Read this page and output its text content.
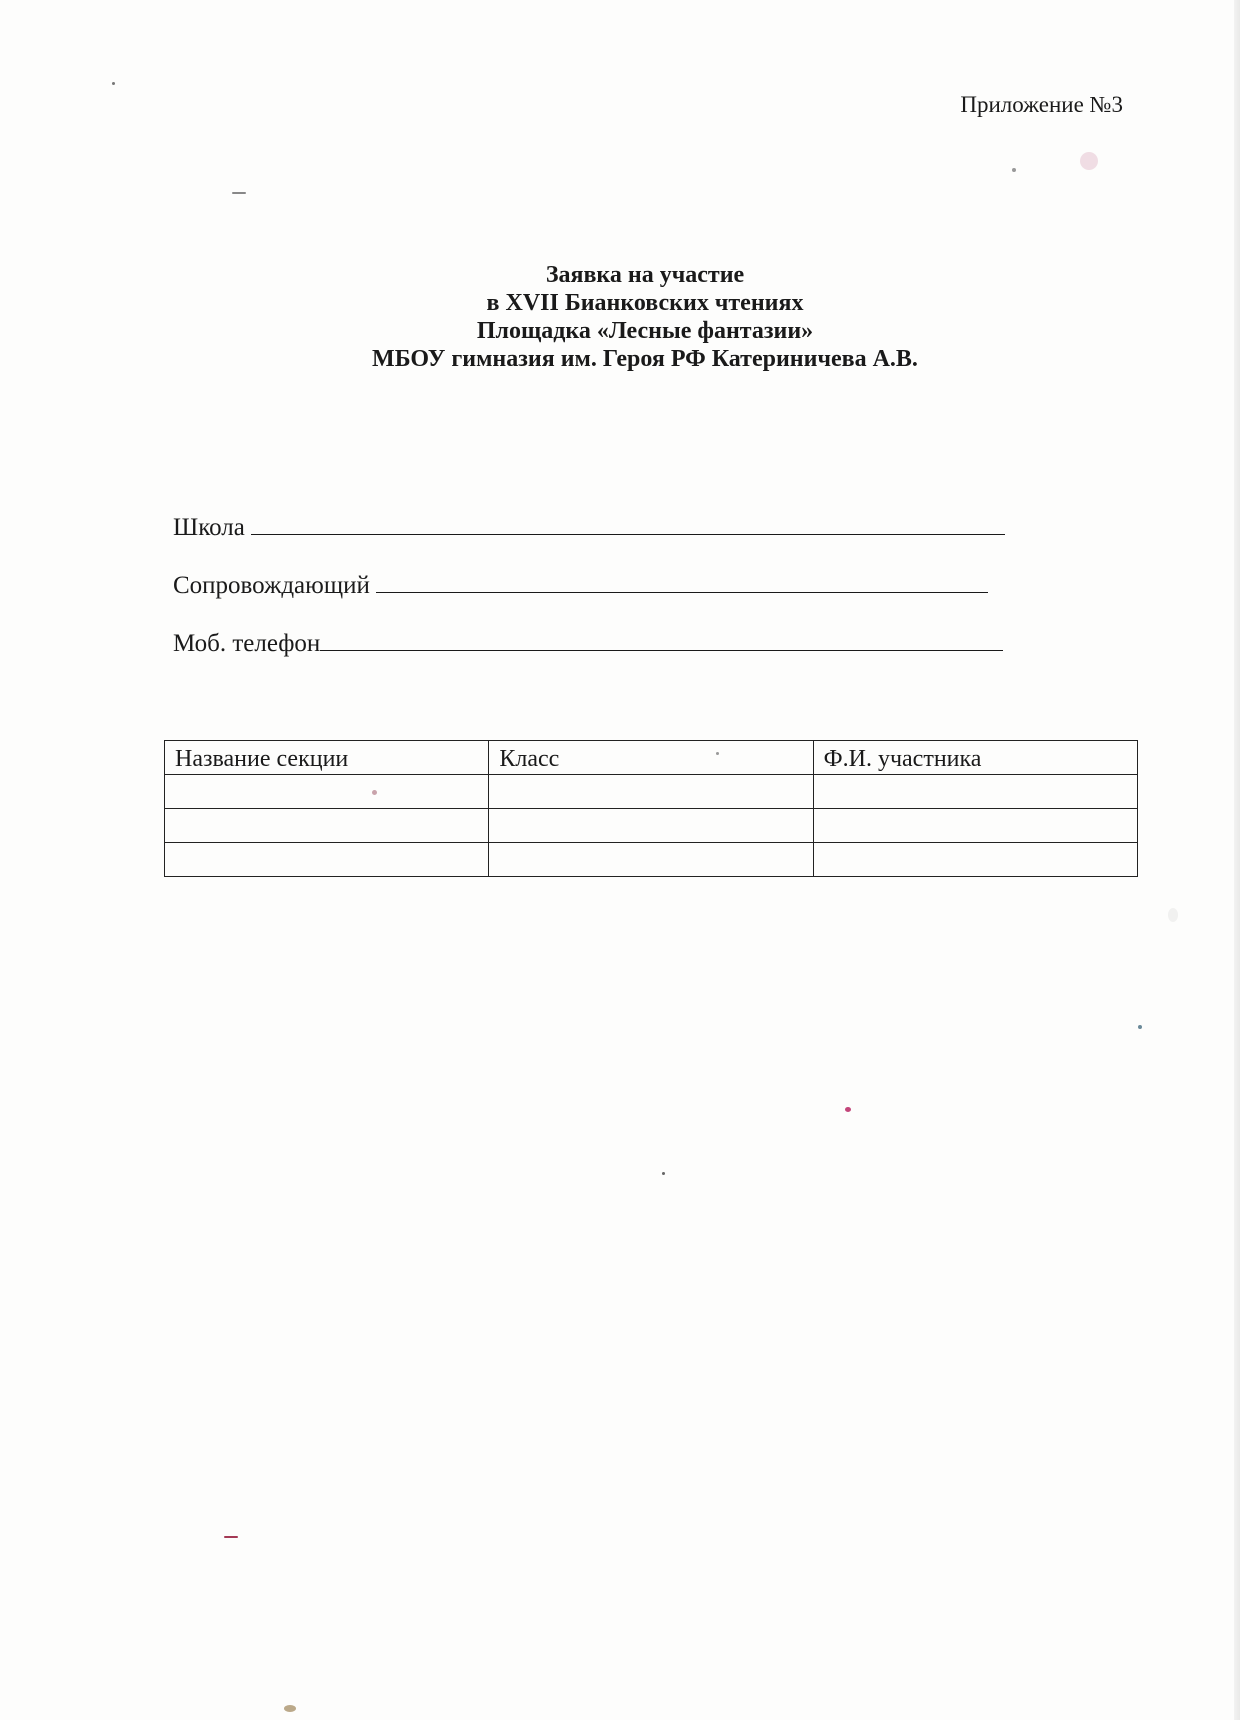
Приложение №3
Заявка на участие
в XVII Бианковских чтениях
Площадка «Лесные фантазии»
МБОУ гимназия им. Героя РФ Катериничева А.В.
Школа
Сопровождающий
Моб. телефон
Название секции	Класс	Ф.И. участника
